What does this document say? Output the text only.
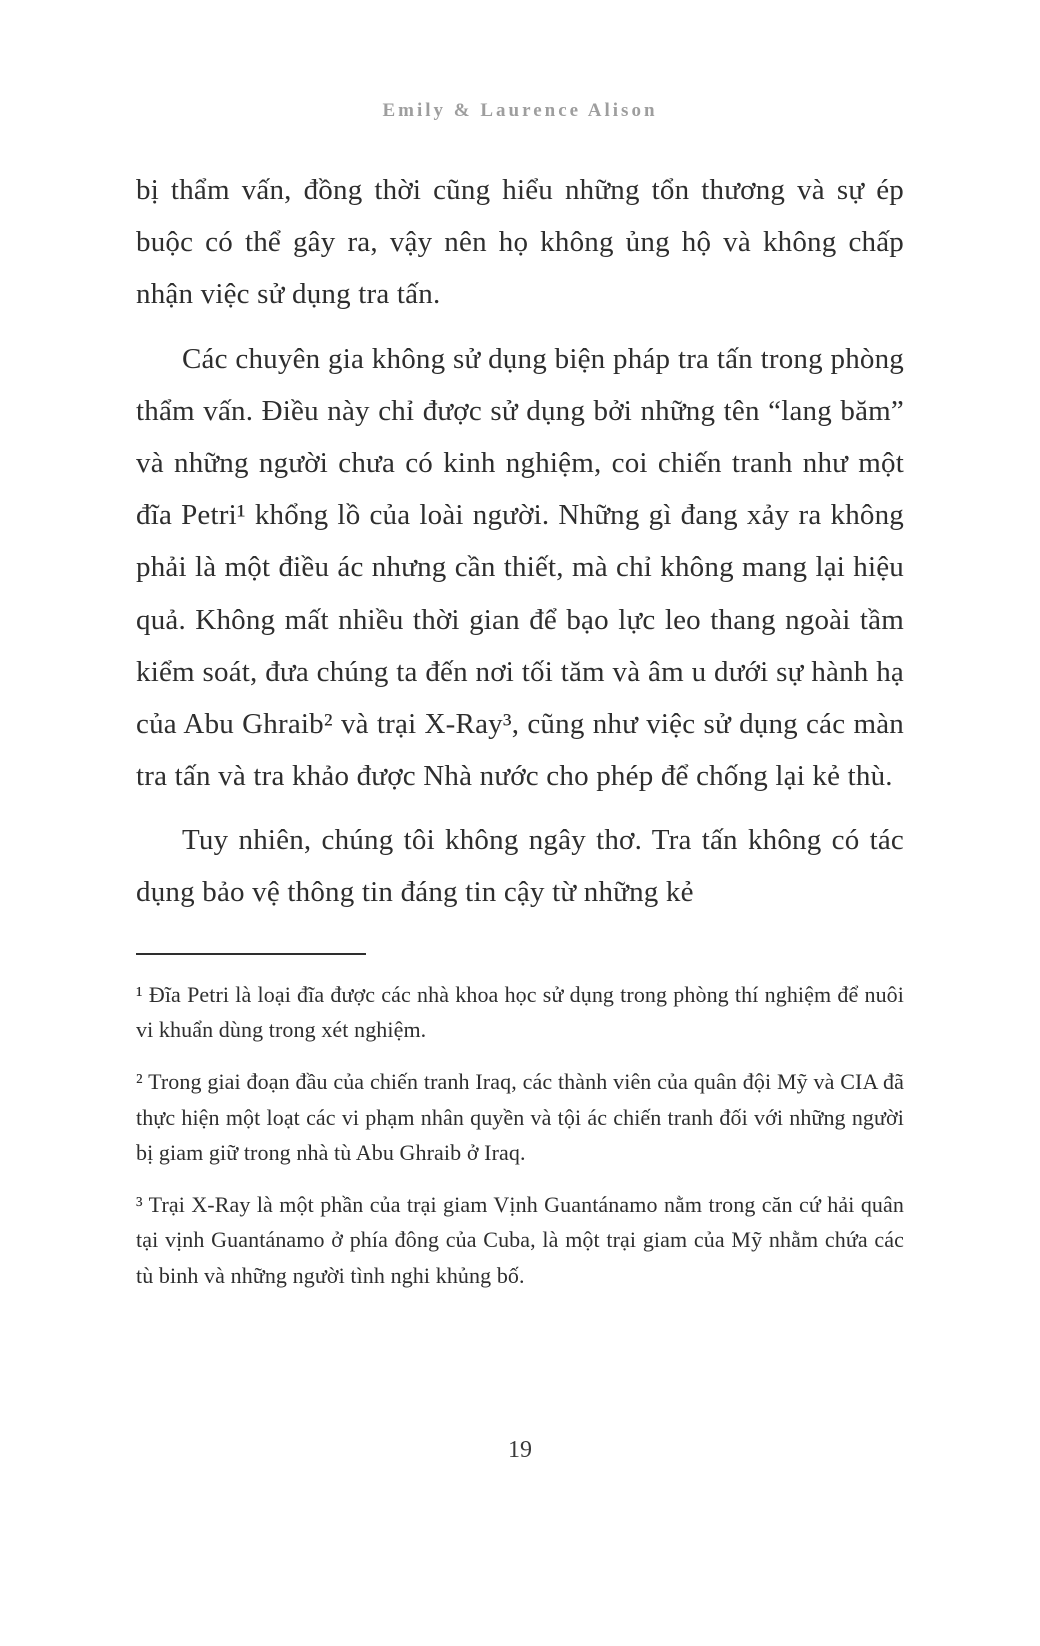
Emily & Laurence Alison

bị thẩm vấn, đồng thời cũng hiểu những tổn thương và sự ép buộc có thể gây ra, vậy nên họ không ủng hộ và không chấp nhận việc sử dụng tra tấn.

Các chuyên gia không sử dụng biện pháp tra tấn trong phòng thẩm vấn. Điều này chỉ được sử dụng bởi những tên “lang băm” và những người chưa có kinh nghiệm, coi chiến tranh như một đĩa Petri¹ khổng lồ của loài người. Những gì đang xảy ra không phải là một điều ác nhưng cần thiết, mà chỉ không mang lại hiệu quả. Không mất nhiều thời gian để bạo lực leo thang ngoài tầm kiểm soát, đưa chúng ta đến nơi tối tăm và âm u dưới sự hành hạ của Abu Ghraib² và trại X-Ray³, cũng như việc sử dụng các màn tra tấn và tra khảo được Nhà nước cho phép để chống lại kẻ thù.

Tuy nhiên, chúng tôi không ngây thơ. Tra tấn không có tác dụng bảo vệ thông tin đáng tin cậy từ những kẻ

¹ Đĩa Petri là loại đĩa được các nhà khoa học sử dụng trong phòng thí nghiệm để nuôi vi khuẩn dùng trong xét nghiệm.

² Trong giai đoạn đầu của chiến tranh Iraq, các thành viên của quân đội Mỹ và CIA đã thực hiện một loạt các vi phạm nhân quyền và tội ác chiến tranh đối với những người bị giam giữ trong nhà tù Abu Ghraib ở Iraq.

³ Trại X-Ray là một phần của trại giam Vịnh Guantánamo nằm trong căn cứ hải quân tại vịnh Guantánamo ở phía đông của Cuba, là một trại giam của Mỹ nhằm chứa các tù binh và những người tình nghi khủng bố.

19
